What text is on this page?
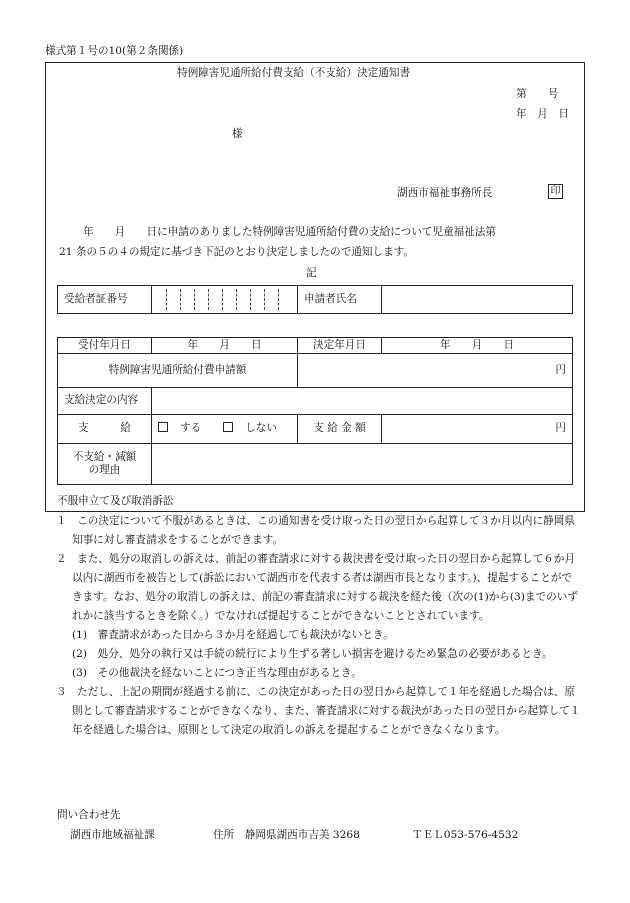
様式第１号の10(第２条関係)
特例障害児通所給付費支給（不支給）決定通知書
第　　号
年　月　日
様
湖西市福祉事務所長	印
年　　月　　日に申請のありました特例障害児通所給付費の支給について児童福祉法第
21 条の５の４の規定に基づき下記のとおり決定しましたので通知します。
記
受給者証番号		申請者氏名	
受付年月日	年　　月　　日	決定年月日	年　　月　　日
特例障害児通所給付費申請額		円	
支給決定の内容			
支　　　給	する しない	支 給 金 額	円
不支給・減額
の理由			
不服申立て及び取消訴訟

１　この決定について不服があるときは、この通知書を受け取った日の翌日から起算して３か月以内に静岡県知事に対し審査請求をすることができます。

２　また、処分の取消しの訴えは、前記の審査請求に対する裁決書を受け取った日の翌日から起算して６か月以内に湖西市を被告として(訴訟において湖西市を代表する者は湖西市長となります。)、提起することができます。なお、処分の取消しの訴えは、前記の審査請求に対する裁決を経た後（次の(1)から(3)までのいずれかに該当するときを除く。）でなければ提起することができないこととされています。

(1)　審査請求があった日から３か月を経過しても裁決がないとき。

(2)　処分、処分の執行又は手続の続行により生ずる著しい損害を避けるため緊急の必要があるとき。

(3)　その他裁決を経ないことにつき正当な理由があるとき。

３　ただし、上記の期間が経過する前に、この決定があった日の翌日から起算して１年を経過した場合は、原則として審査請求することができなくなり、また、審査請求に対する裁決があった日の翌日から起算して１年を経過した場合は、原則として決定の取消しの訴えを提起することができなくなります。

問い合わせ先
湖西市地域福祉課	住所　静岡県湖西市吉美 3268	ＴＥＬ053-576-4532
